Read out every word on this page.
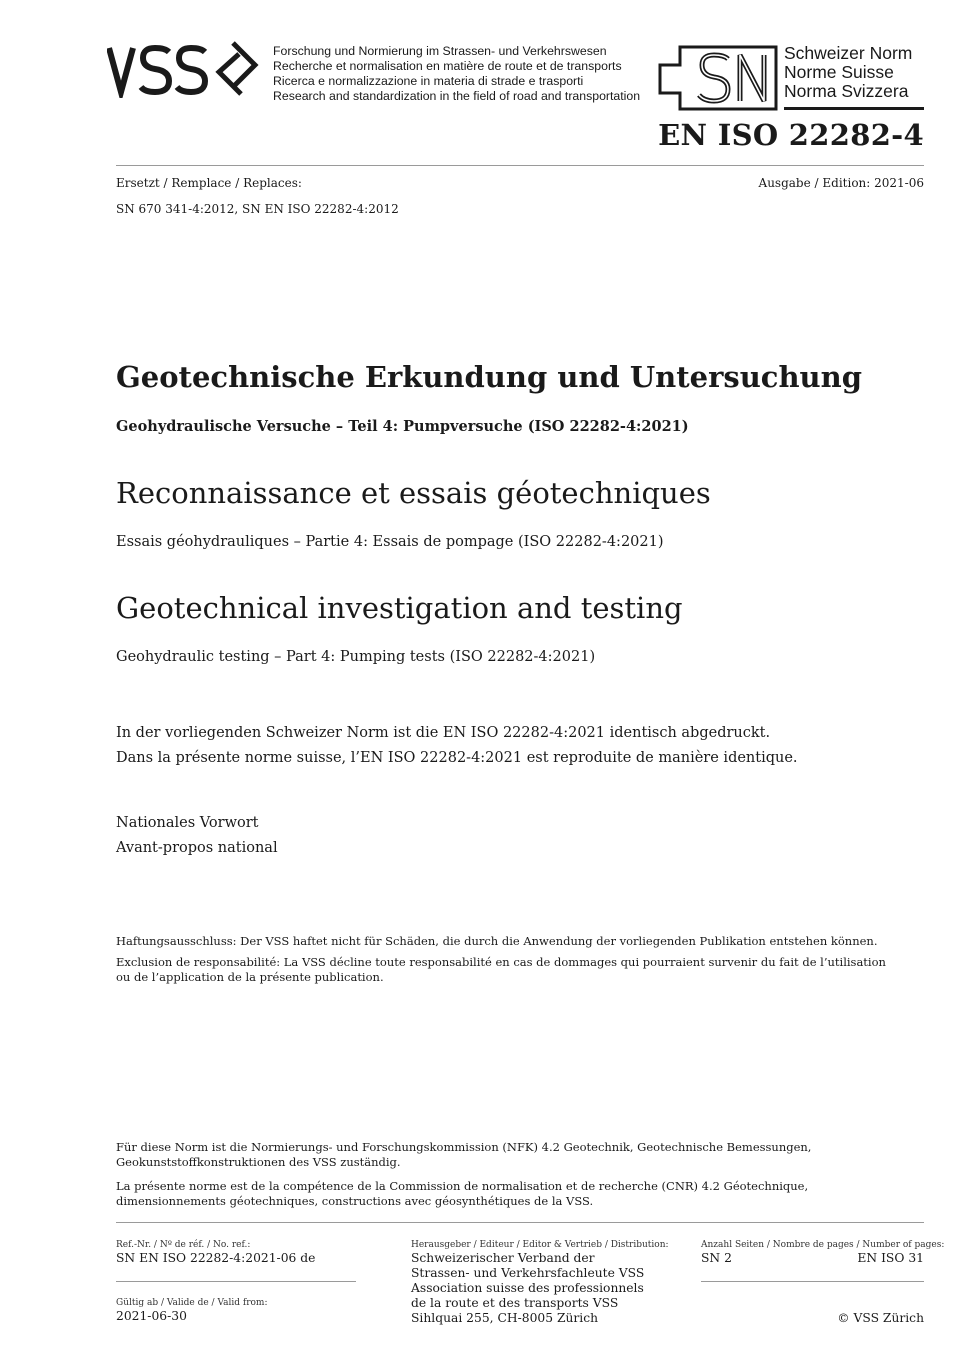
Forschung und Normierung im Strassen- und Verkehrswesen
Recherche et normalisation en matière de route et de transports
Ricerca e normalizzazione in materia di strade e trasporti
Research and standardization in the field of road and transportation
Schweizer Norm
Norme Suisse
Norma Svizzera
EN ISO 22282-4
Ersetzt / Remplace / Replaces:	Ausgabe / Edition: 2021-06
SN 670 341-4:2012, SN EN ISO 22282-4:2012
Geotechnische Erkundung und Untersuchung
Geohydraulische Versuche – Teil 4: Pumpversuche (ISO 22282-4:2021)
Reconnaissance et essais géotechniques
Essais géohydrauliques – Partie 4: Essais de pompage (ISO 22282-4:2021)
Geotechnical investigation and testing
Geohydraulic testing – Part 4: Pumping tests (ISO 22282-4:2021)
In der vorliegenden Schweizer Norm ist die EN ISO 22282-4:2021 identisch abgedruckt.
Dans la présente norme suisse, l’EN ISO 22282-4:2021 est reproduite de manière identique.
Nationales Vorwort
Avant-propos national
Haftungsausschluss: Der VSS haftet nicht für Schäden, die durch die Anwendung der vorliegenden Publikation entstehen können.
Exclusion de responsabilité: La VSS décline toute responsabilité en cas de dommages qui pourraient survenir du fait de l’utilisation
ou de l’application de la présente publication.
Für diese Norm ist die Normierungs- und Forschungskommission (NFK) 4.2 Geotechnik, Geotechnische Bemessungen,
Geokunststoffkonstruktionen des VSS zuständig.
La présente norme est de la compétence de la Commission de normalisation et de recherche (CNR) 4.2 Géotechnique,
dimensionnements géotechniques, constructions avec géosynthétiques de la VSS.
Ref.-Nr. / Nº de réf. / No. ref.:
SN EN ISO 22282-4:2021-06 de
Gültig ab / Valide de / Valid from:
2021-06-30
Herausgeber / Editeur / Editor & Vertrieb / Distribution:
Schweizerischer Verband der
Strassen- und Verkehrsfachleute VSS
Association suisse des professionnels
de la route et des transports VSS
Sihlquai 255, CH-8005 Zürich
Anzahl Seiten / Nombre de pages / Number of pages:
SN 2	EN ISO 31
© VSS Zürich
